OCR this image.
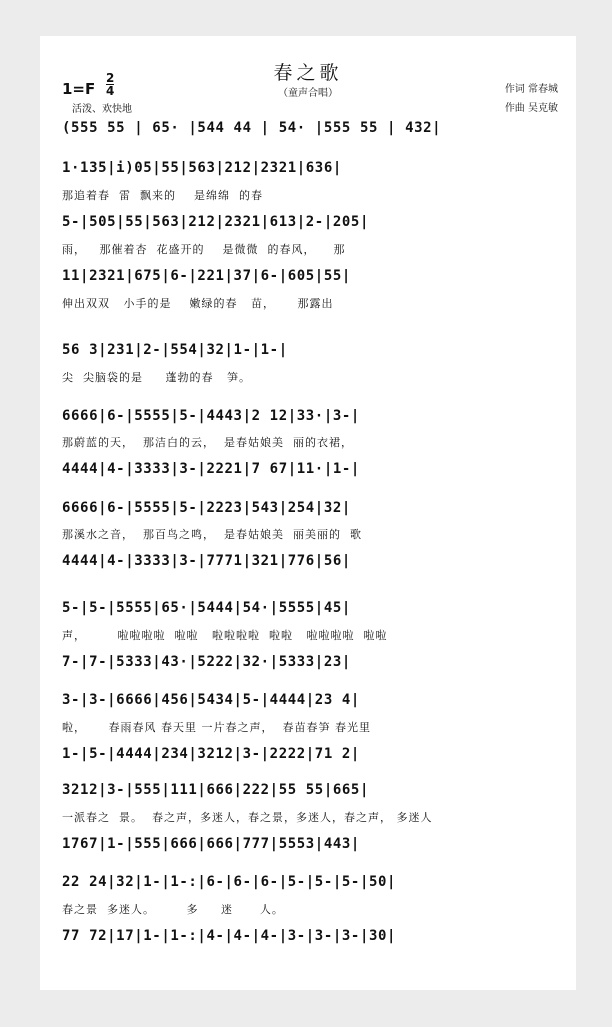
春之歌
（童声合唱）
1=F
2
4
活泼、欢快地
作词 常春城
作曲 吴克敏
(555 55 | 65· |544 44 | 54· |555 55 | 432|
1·135|i)05|55|563|212|2321|636|
那追着春  雷  飘来的    是绵绵  的春
5-|505|55|563|212|2321|613|2-|205|
雨，   那催着杏  花盛开的    是微微  的春风，    那
11|2321|675|6-|221|37|6-|605|55|
伸出双双   小手的是    嫩绿的春   苗，     那露出
56 3|231|2-|554|32|1-|1-|
尖  尖脑袋的是     蓬勃的春   笋。
6666|6-|5555|5-|4443|2 12|33·|3-|
那蔚蓝的天，  那洁白的云，  是春姑娘美  丽的衣裙，
4444|4-|3333|3-|2221|7 67|11·|1-|
6666|6-|5555|5-|2223|543|254|32|
那溪水之音，  那百鸟之鸣，  是春姑娘美  丽美丽的  歌
4444|4-|3333|3-|7771|321|776|56|
5-|5-|5555|65·|5444|54·|5555|45|
声，       啦啦啦啦  啦啦   啦啦啦啦  啦啦   啦啦啦啦  啦啦
7-|7-|5333|43·|5222|32·|5333|23|
3-|3-|6666|456|5434|5-|4444|23 4|
啦，     春雨春风 春天里 一片春之声，  春苗春笋 春光里
1-|5-|4444|234|3212|3-|2222|71 2|
3212|3-|555|111|666|222|55 55|665|
一派春之  景。  春之声，多迷人，春之景，多迷人，春之声， 多迷人
1767|1-|555|666|666|777|5553|443|
22 24|32|1-|1-:|6-|6-|6-|5-|5-|5-|50|
春之景  多迷人。       多     迷      人。
77 72|17|1-|1-:|4-|4-|4-|3-|3-|3-|30|
